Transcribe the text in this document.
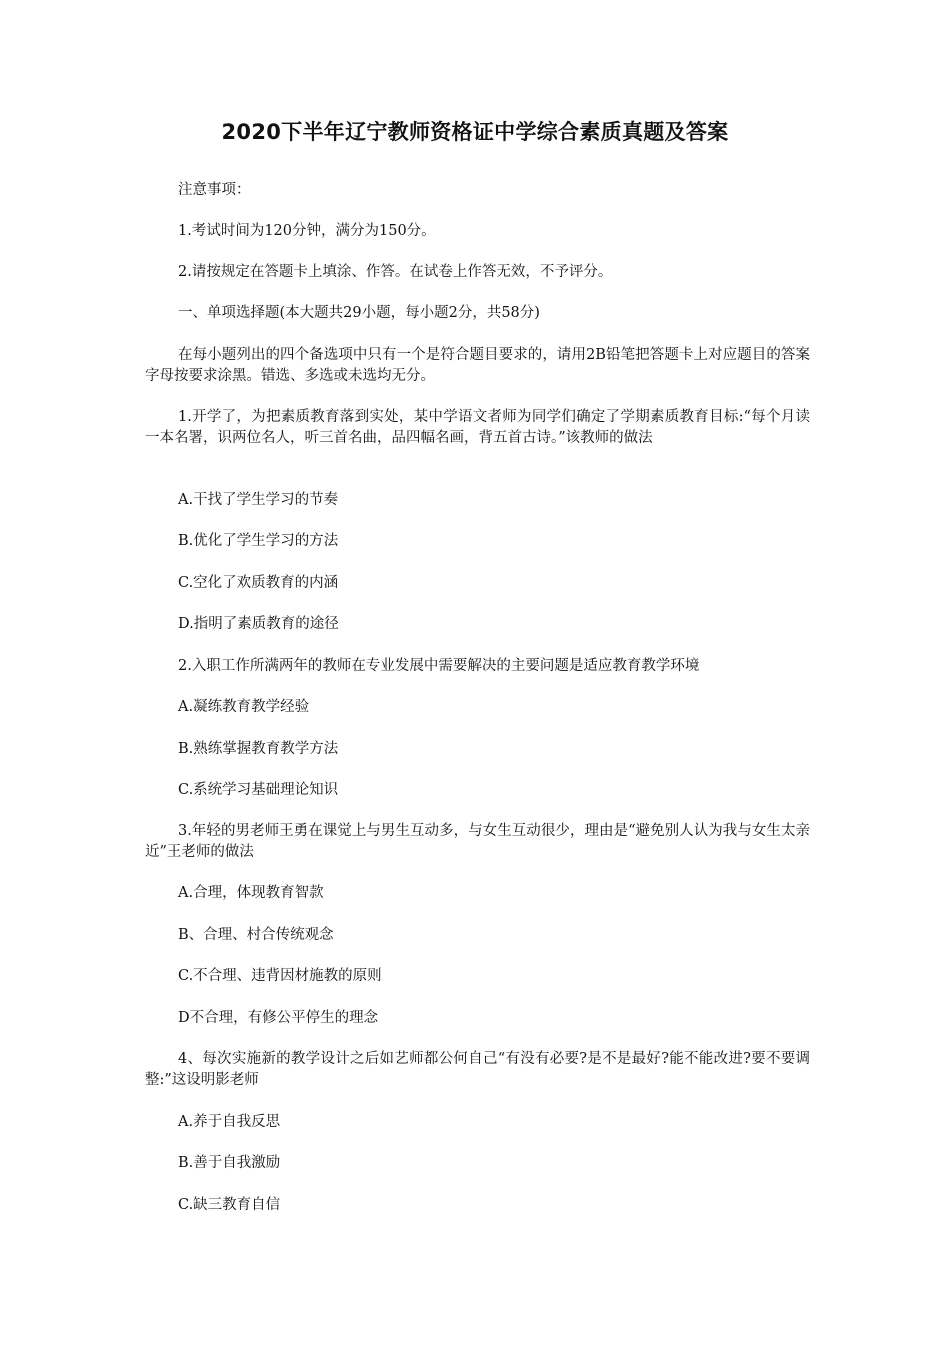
2020下半年辽宁教师资格证中学综合素质真题及答案
注意事项：
1.考试时间为120分钟，满分为150分。
2.请按规定在答题卡上填涂、作答。在试卷上作答无效，不予评分。
一、单项选择题(本大题共29小题，每小题2分，共58分)
在每小题列出的四个备选项中只有一个是符合题目要求的，请用2B铅笔把答题卡上对应题目的答案字母按要求涂黑。错选、多选或未选均无分。
1.开学了，为把素质教育落到实处，某中学语文者师为同学们确定了学期素质教育目标:“每个月读一本名署，识两位名人，听三首名曲，品四幅名画，背五首古诗。”该教师的做法
A.干找了学生学习的节奏
B.优化了学生学习的方法
C.空化了欢质教育的内涵
D.指明了素质教育的途径
2.入职工作所满两年的教师在专业发展中需要解决的主要问题是适应教育教学环境
A.凝练教育教学经验
B.熟练掌握教育教学方法
C.系统学习基础理论知识
3.年轻的男老师王勇在课觉上与男生互动多，与女生互动很少，理由是“避免别人认为我与女生太亲近”王老师的做法
A.合理，体现教育智款
B、合理、村合传统观念
C.不合理、违背因材施教的原则
D不合理，有修公平停生的理念
4、每次实施新的教学设计之后如艺师都公何自己“有没有必要?是不是最好?能不能改进?要不要调整:”这设明影老师
A.养于自我反思
B.善于自我激励
C.缺三教育自信
